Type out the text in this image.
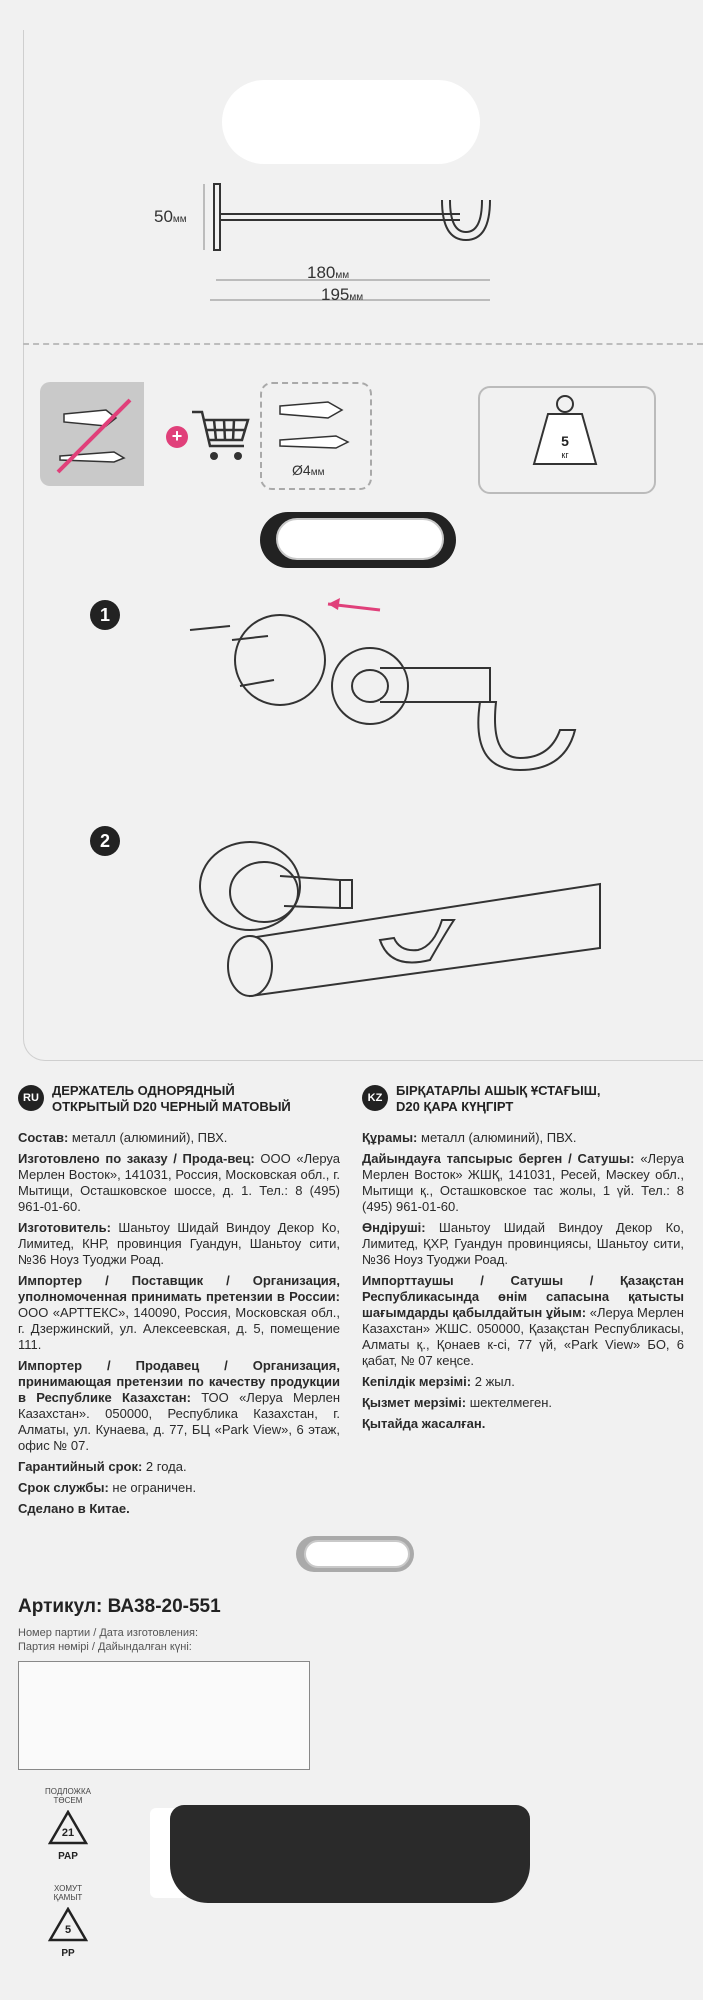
50мм
180мм
195мм
+
Ø4мм
5
кг
1
2
RU	ДЕРЖАТЕЛЬ ОДНОРЯДНЫЙ
ОТКРЫТЫЙ D20 ЧЕРНЫЙ МАТОВЫЙ

Состав: металл (алюминий), ПВХ.

Изготовлено по заказу / Прода-вец: ООО «Леруа Мерлен Восток», 141031, Россия, Московская обл., г. Мытищи, Осташковское шоссе, д. 1. Тел.: 8 (495) 961-01-60.

Изготовитель: Шаньтоу Шидай Виндоу Декор Ко, Лимитед, КНР, провинция Гуандун, Шаньтоу сити, №36 Ноуз Туоджи Роад.

Импортер / Поставщик / Организация, уполномоченная принимать претензии в России: ООО «АРТТЕКС», 140090, Россия, Московская обл., г. Дзержинский, ул. Алексеевская, д. 5, помещение 111.

Импортер / Продавец / Организация, принимающая претензии по качеству продукции в Республике Казахстан: ТОО «Леруа Мерлен Казахстан». 050000, Республика Казахстан, г. Алматы, ул. Кунаева, д. 77, БЦ «Park View», 6 этаж, офис № 07.

Гарантийный срок: 2 года.

Срок службы: не ограничен.

Сделано в Китае.

KZ	БІРҚАТАРЛЫ АШЫҚ ҰСТАҒЫШ,
D20 ҚАРА КҮҢГІРТ

Құрамы: металл (алюминий), ПВХ.

Дайындауға тапсырыс берген / Сатушы: «Леруа Мерлен Восток» ЖШҚ, 141031, Ресей, Мәскеу обл., Мытищи қ., Осташковское тас жолы, 1 үй. Тел.: 8 (495) 961-01-60.

Өндіруші: Шаньтоу Шидай Виндоу Декор Ко, Лимитед, ҚХР, Гуандун провинциясы, Шаньтоу сити, №36 Ноуз Туоджи Роад.

Импорттаушы / Сатушы / Қазақстан Республикасында өнім сапасына қатысты шағымдарды қабылдайтын ұйым: «Леруа Мерлен Казахстан» ЖШС. 050000, Қазақстан Республикасы, Алматы қ., Қонаев к-сі, 77 үй, «Park View» БО, 6 қабат, № 07 кеңсе.

Кепілдік мерзімі: 2 жыл.

Қызмет мерзімі: шектелмеген.

Қытайда жасалған.

Артикул: ВА38-20-551
Номер партии / Дата изготовления:
Партия нөмірі / Дайындалған күні:
ПОДЛОЖКА
ТӨСЕМ
21
PAP
ХОМУТ
ҚАМЫТ
5
PP
